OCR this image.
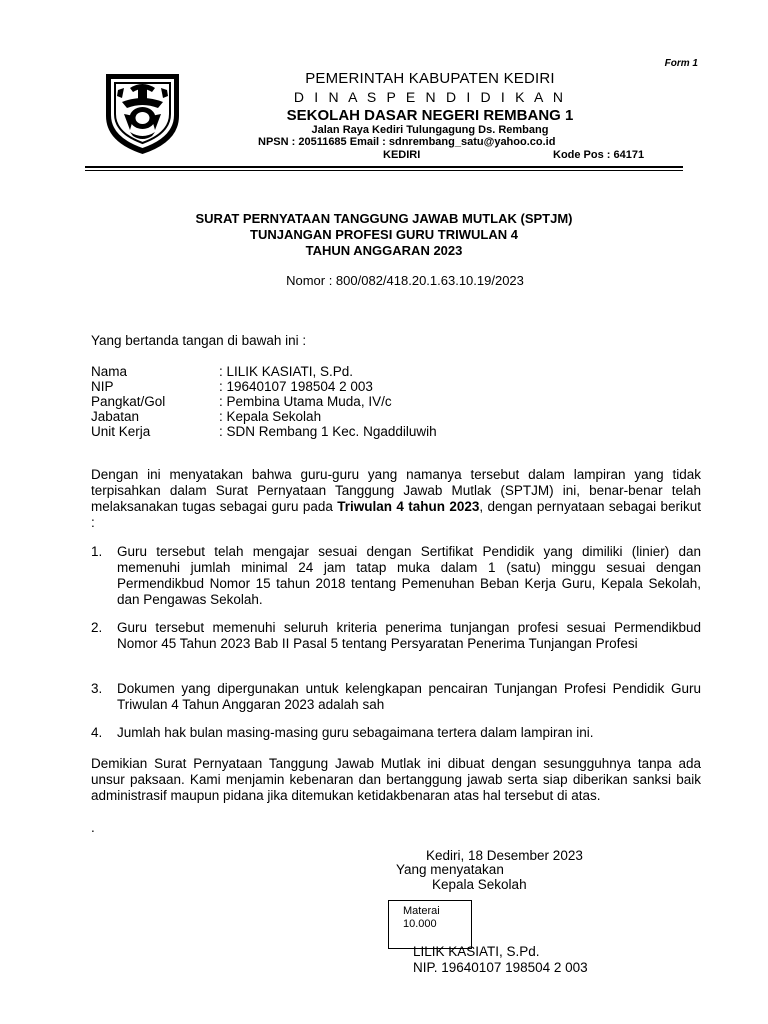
Form 1
PEMERINTAH KABUPATEN KEDIRI
D I N A S P E N D I D I K A N
SEKOLAH DASAR NEGERI REMBANG 1
Jalan Raya Kediri Tulungagung Ds. Rembang
NPSN : 20511685 Email : sdnrembang_satu@yahoo.co.id
KEDIRI	Kode Pos : 64171
SURAT PERNYATAAN TANGGUNG JAWAB MUTLAK (SPTJM)
TUNJANGAN PROFESI GURU TRIWULAN 4
TAHUN ANGGARAN 2023
Nomor : 800/082/418.20.1.63.10.19/2023
Yang bertanda tangan di bawah ini :
Nama	: LILIK KASIATI, S.Pd.
NIP	: 19640107 198504 2 003
Pangkat/Gol	: Pembina Utama Muda, IV/c
Jabatan	: Kepala Sekolah
Unit Kerja	: SDN Rembang 1 Kec. Ngaddiluwih
Dengan ini menyatakan bahwa guru-guru yang namanya tersebut dalam lampiran yang tidak terpisahkan dalam Surat Pernyataan Tanggung Jawab Mutlak (SPTJM) ini, benar-benar telah melaksanakan tugas sebagai guru pada Triwulan 4 tahun 2023, dengan pernyataan sebagai berikut :
1.	Guru tersebut telah mengajar sesuai dengan Sertifikat Pendidik yang dimiliki (linier) dan memenuhi jumlah minimal 24 jam tatap muka dalam 1 (satu) minggu sesuai dengan Permendikbud Nomor 15 tahun 2018 tentang Pemenuhan Beban Kerja Guru, Kepala Sekolah, dan Pengawas Sekolah.
2.	Guru tersebut memenuhi seluruh kriteria penerima tunjangan profesi sesuai Permendikbud Nomor 45 Tahun 2023 Bab II Pasal 5 tentang Persyaratan Penerima Tunjangan Profesi
3.	Dokumen yang dipergunakan untuk kelengkapan pencairan Tunjangan Profesi Pendidik Guru Triwulan 4 Tahun Anggaran 2023 adalah sah
4.	Jumlah hak bulan masing-masing guru sebagaimana tertera dalam lampiran ini.
Demikian Surat Pernyataan Tanggung Jawab Mutlak ini dibuat dengan sesungguhnya tanpa ada unsur paksaan. Kami menjamin kebenaran dan bertanggung jawab serta siap diberikan sanksi baik administrasif maupun pidana jika ditemukan ketidakbenaran atas hal tersebut di atas.
.
Kediri, 18 Desember 2023
Yang menyatakan
Kepala Sekolah
Materai
10.000
LILIK KASIATI, S.Pd.
NIP. 19640107 198504 2 003
